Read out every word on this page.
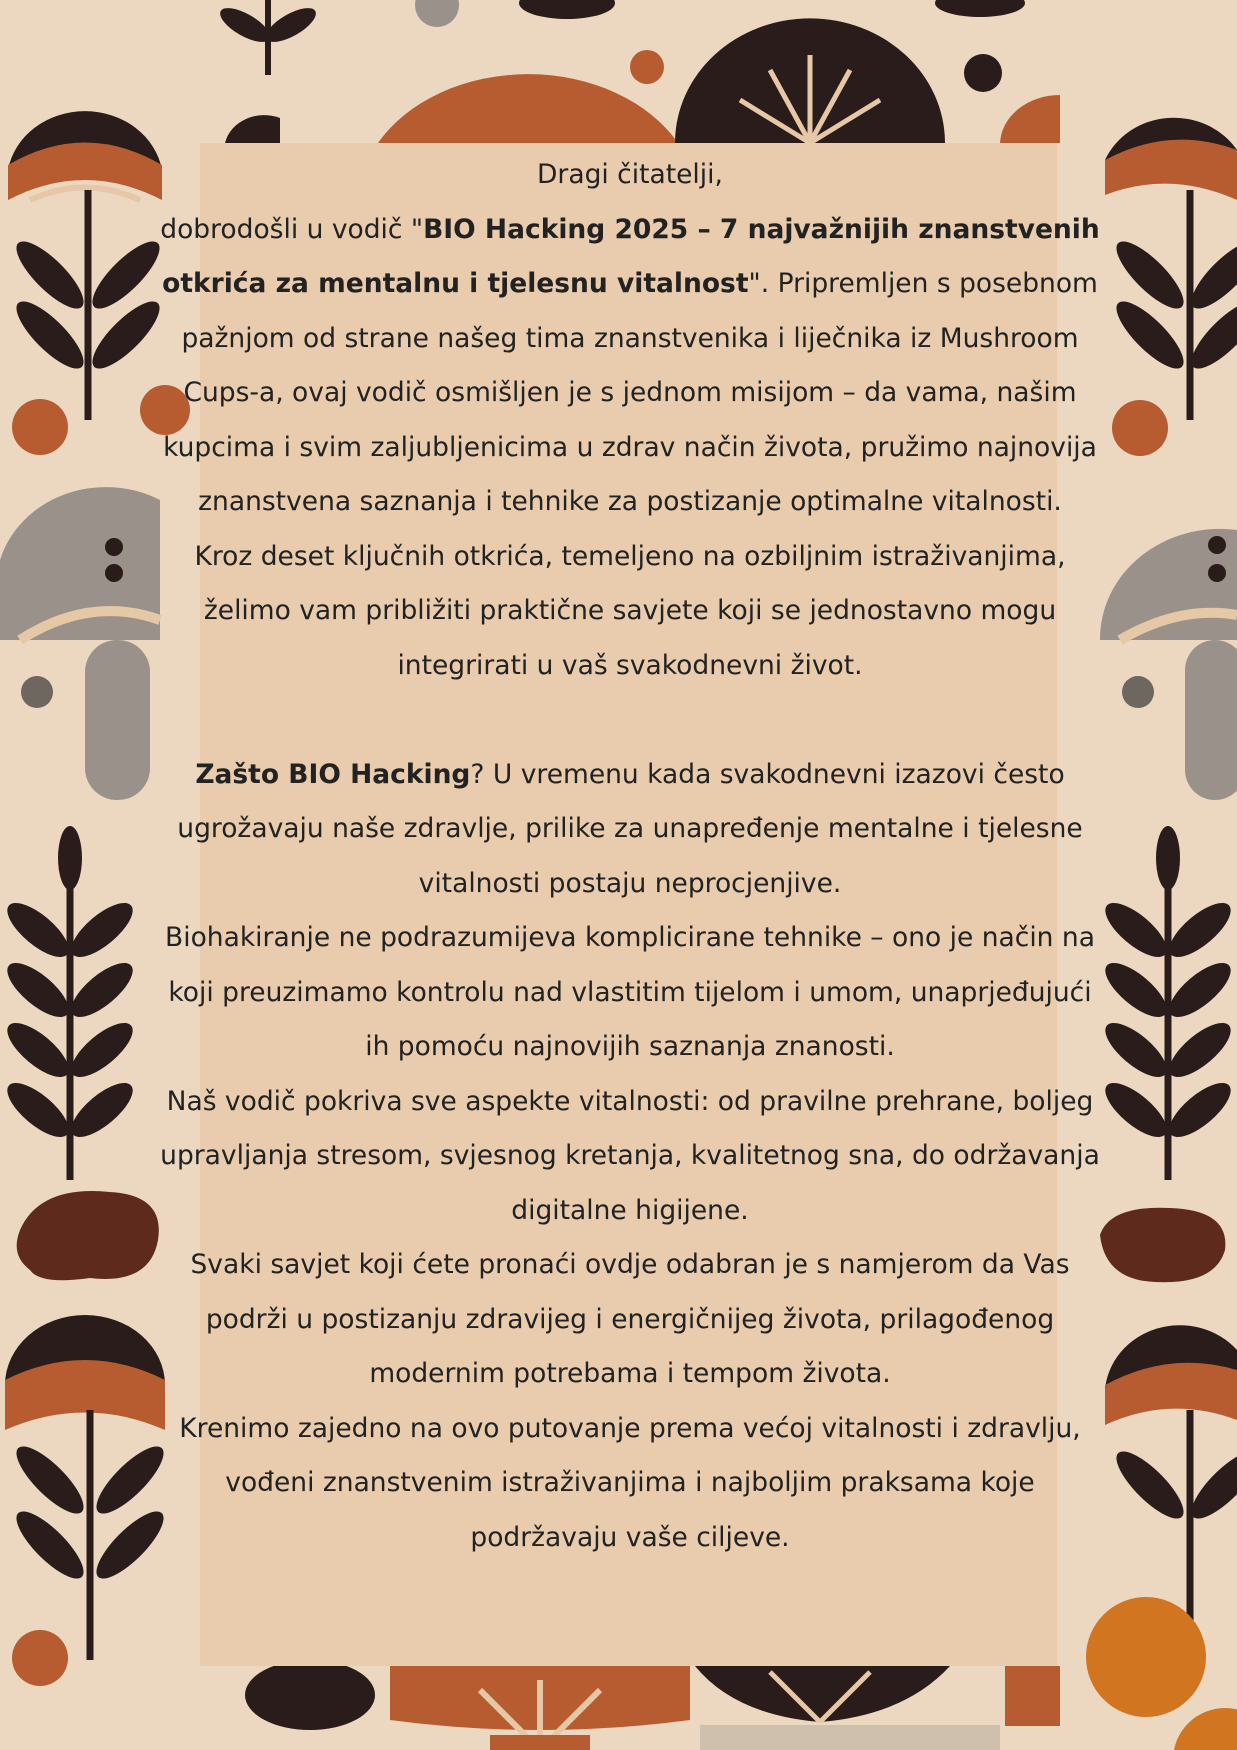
Dragi čitatelji,

dobrodošli u vodič "BIO Hacking 2025 – 7 najvažnijih znanstvenih otkrića za mentalnu i tjelesnu vitalnost". Pripremljen s posebnom pažnjom od strane našeg tima znanstvenika i liječnika iz Mushroom Cups-a, ovaj vodič osmišljen je s jednom misijom – da vama, našim kupcima i svim zaljubljenicima u zdrav način života, pružimo najnovija znanstvena saznanja i tehnike za postizanje optimalne vitalnosti.

Kroz deset ključnih otkrića, temeljeno na ozbiljnim istraživanjima, želimo vam približiti praktične savjete koji se jednostavno mogu integrirati u vaš svakodnevni život.

Zašto BIO Hacking? U vremenu kada svakodnevni izazovi često ugrožavaju naše zdravlje, prilike za unapređenje mentalne i tjelesne vitalnosti postaju neprocjenjive.

Biohakiranje ne podrazumijeva komplicirane tehnike – ono je način na koji preuzimamo kontrolu nad vlastitim tijelom i umom, unaprjeđujući ih pomoću najnovijih saznanja znanosti.

Naš vodič pokriva sve aspekte vitalnosti: od pravilne prehrane, boljeg upravljanja stresom, svjesnog kretanja, kvalitetnog sna, do održavanja digitalne higijene.

Svaki savjet koji ćete pronaći ovdje odabran je s namjerom da Vas podrži u postizanju zdravijeg i energičnijeg života, prilagođenog modernim potrebama i tempom života.

Krenimo zajedno na ovo putovanje prema većoj vitalnosti i zdravlju, vođeni znanstvenim istraživanjima i najboljim praksama koje podržavaju vaše ciljeve.
